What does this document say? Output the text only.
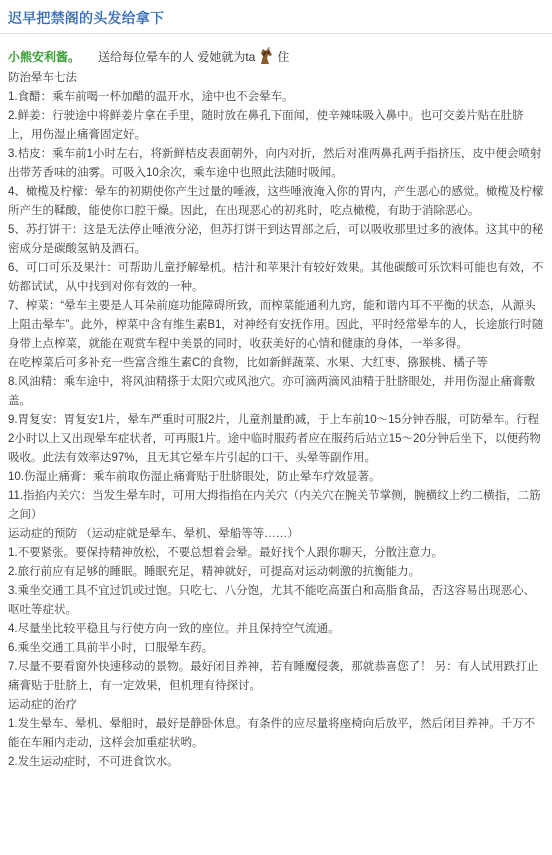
迟早把禁阁的头发给拿下
小熊安利酱。 送给每位晕车的人 爱她就为ta 住

防治晕车七法

1.食醋：乘车前喝一杯加醋的温开水，途中也不会晕车。

2.鲜姜：行驶途中将鲜姜片拿在手里，随时放在鼻孔下面闻，使辛辣味吸入鼻中。也可交姜片贴在肚脐上，用伤湿止痛膏固定好。

3.桔皮：乘车前1小时左右，将新鲜桔皮表面朝外，向内对折，然后对准两鼻孔两手指挤压，皮中便会喷射出带芳香味的油雾。可吸入10余次，乘车途中也照此法随时吸闻。

4、橄榄及柠檬：晕车的初期使你产生过量的唾液，这些唾液淹入你的胃内，产生恶心的感觉。橄榄及柠檬所产生的鞣酸，能使你口腔干燥。因此，在出现恶心的初兆时，吃点橄榄，有助于消除恶心。

5、苏打饼干：这是无法停止唾液分泌，但苏打饼干到达胃部之后，可以吸收那里过多的液体。这其中的秘密成分是碳酸氢钠及酒石。

6、可口可乐及果汁：可帮助儿童抒解晕机。桔汁和苹果汁有较好效果。其他碳酸可乐饮料可能也有效，不妨都试试，从中找到对你有效的一种。

7、榨菜：“晕车主要是人耳朵前庭功能障碍所致，而榨菜能通利九窍，能和谐内耳不平衡的状态，从源头上阻击晕车”。此外，榨菜中含有维生素B1，对神经有安抚作用。因此，平时经常晕车的人，长途旅行时随身带上点榨菜，就能在观赏车程中美景的同时，收获美好的心情和健康的身体，一举多得。

在吃榨菜后可多补充一些富含维生素C的食物，比如新鲜蔬菜、水果、大红枣、猕猴桃、橘子等

8.风油精：乘车途中，将风油精搽于太阳穴或风池穴。亦可滴两滴风油精于肚脐眼处，并用伤湿止痛膏敷盖。

9.胃复安：胃复安1片，晕车严重时可服2片，儿童剂量酌减，于上车前10～15分钟吞服，可防晕车。行程2小时以上又出现晕车症状者，可再服1片。途中临时服药者应在服药后站立15～20分钟后坐下，以便药物吸收。此法有效率达97%，且无其它晕车片引起的口干、头晕等副作用。

10.伤湿止痛膏：乘车前取伤湿止痛膏贴于肚脐眼处，防止晕车疗效显著。

11.指掐内关穴：当发生晕车时，可用大拇指掐在内关穴（内关穴在腕关节掌侧，腕横纹上约二横指，二筋之间）

运动症的预防 （运动症就是晕车、晕机、晕船等等……）

1.不要紧张。要保持精神放松，不要总想着会晕。最好找个人跟你聊天，分散注意力。

2.旅行前应有足够的睡眠。睡眠充足，精神就好，可提高对运动刺激的抗衡能力。

3.乘坐交通工具不宜过饥或过饱。只吃七、八分饱，尤其不能吃高蛋白和高脂食品，否这容易出现恶心、呕吐等症状。

4.尽量坐比较平稳且与行使方向一致的座位。并且保持空气流通。

6.乘坐交通工具前半小时，口服晕车药。

7.尽量不要看窗外快速移动的景物。最好闭目养神，若有睡魔侵袭，那就恭喜您了！ 另：有人试用跌打止痛膏贴于肚脐上，有一定效果，但机理有待探讨。

运动症的治疗

1.发生晕车、晕机、晕船时，最好是静卧休息。有条件的应尽量将座椅向后放平，然后闭目养神。千万不能在车厢内走动，这样会加重症状哟。

2.发生运动症时，不可进食饮水。
